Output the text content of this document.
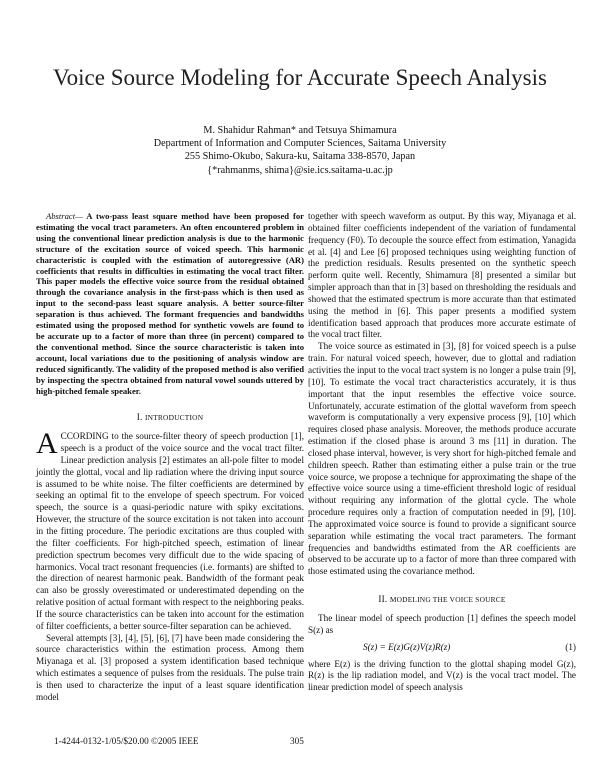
Voice Source Modeling for Accurate Speech Analysis
M. Shahidur Rahman* and Tetsuya Shimamura
Department of Information and Computer Sciences, Saitama University
255 Shimo-Okubo, Sakura-ku, Saitama 338-8570, Japan
{*rahmanms, shima}@sie.ics.saitama-u.ac.jp

Abstract— A two-pass least square method have been proposed for estimating the vocal tract parameters. An often encountered problem in using the conventional linear prediction analysis is due to the harmonic structure of the excitation source of voiced speech. This harmonic characteristic is coupled with the estimation of autoregressive (AR) coefficients that results in difficulties in estimating the vocal tract filter. This paper models the effective voice source from the residual obtained through the covariance analysis in the first-pass which is then used as input to the second-pass least square analysis. A better source-filter separation is thus achieved. The formant frequencies and bandwidths estimated using the proposed method for synthetic vowels are found to be accurate up to a factor of more than three (in percent) compared to the conventional method. Since the source characteristic is taken into account, local variations due to the positioning of analysis window are reduced significantly. The validity of the proposed method is also verified by inspecting the spectra obtained from natural vowel sounds uttered by high-pitched female speaker.

I. INTRODUCTION

ACCORDING to the source-filter theory of speech production [1], speech is a product of the voice source and the vocal tract filter. Linear prediction analysis [2] estimates an all-pole filter to model jointly the glottal, vocal and lip radiation where the driving input source is assumed to be white noise. The filter coefficients are determined by seeking an optimal fit to the envelope of speech spectrum. For voiced speech, the source is a quasi-periodic nature with spiky excitations. However, the structure of the source excitation is not taken into account in the fitting procedure. The periodic excitations are thus coupled with the filter coefficients. For high-pitched speech, estimation of linear prediction spectrum becomes very difficult due to the wide spacing of harmonics. Vocal tract resonant frequencies (i.e. formants) are shifted to the direction of nearest harmonic peak. Bandwidth of the formant peak can also be grossly overestimated or underestimated depending on the relative position of actual formant with respect to the neighboring peaks. If the source characteristics can be taken into account for the estimation of filter coefficients, a better source-filter separation can be achieved.

Several attempts [3], [4], [5], [6], [7] have been made considering the source characteristics within the estimation process. Among them Miyanaga et al. [3] proposed a system identification based technique which estimates a sequence of pulses from the residuals. The pulse train is then used to characterize the input of a least square identification model

together with speech waveform as output. By this way, Miyanaga et al. obtained filter coefficients independent of the variation of fundamental frequency (F0). To decouple the source effect from estimation, Yanagida et al. [4] and Lee [6] proposed techniques using weighting function of the prediction residuals. Results presented on the synthetic speech perform quite well. Recently, Shimamura [8] presented a similar but simpler approach than that in [3] based on thresholding the residuals and showed that the estimated spectrum is more accurate than that estimated using the method in [6]. This paper presents a modified system identification based approach that produces more accurate estimate of the vocal tract filter.

The voice source as estimated in [3], [8] for voiced speech is a pulse train. For natural voiced speech, however, due to glottal and radiation activities the input to the vocal tract system is no longer a pulse train [9], [10]. To estimate the vocal tract characteristics accurately, it is thus important that the input resembles the effective voice source. Unfortunately, accurate estimation of the glottal waveform from speech waveform is computationally a very expensive process [9], [10] which requires closed phase analysis. Moreover, the methods produce accurate estimation if the closed phase is around 3 ms [11] in duration. The closed phase interval, however, is very short for high-pitched female and children speech. Rather than estimating either a pulse train or the true voice source, we propose a technique for approximating the shape of the effective voice source using a time-efficient threshold logic of residual without requiring any information of the glottal cycle. The whole procedure requires only a fraction of computation needed in [9], [10]. The approximated voice source is found to provide a significant source separation while estimating the vocal tract parameters. The formant frequencies and bandwidths estimated from the AR coefficients are observed to be accurate up to a factor of more than three compared with those estimated using the covariance method.

II. MODELING THE VOICE SOURCE

The linear model of speech production [1] defines the speech model S(z) as

S(z) = E(z)G(z)V(z)R(z)	(1)

where E(z) is the driving function to the glottal shaping model G(z), R(z) is the lip radiation model, and V(z) is the vocal tract model. The linear prediction model of speech analysis

1-4244-0132-1/05/$20.00 ©2005 IEEE	305
